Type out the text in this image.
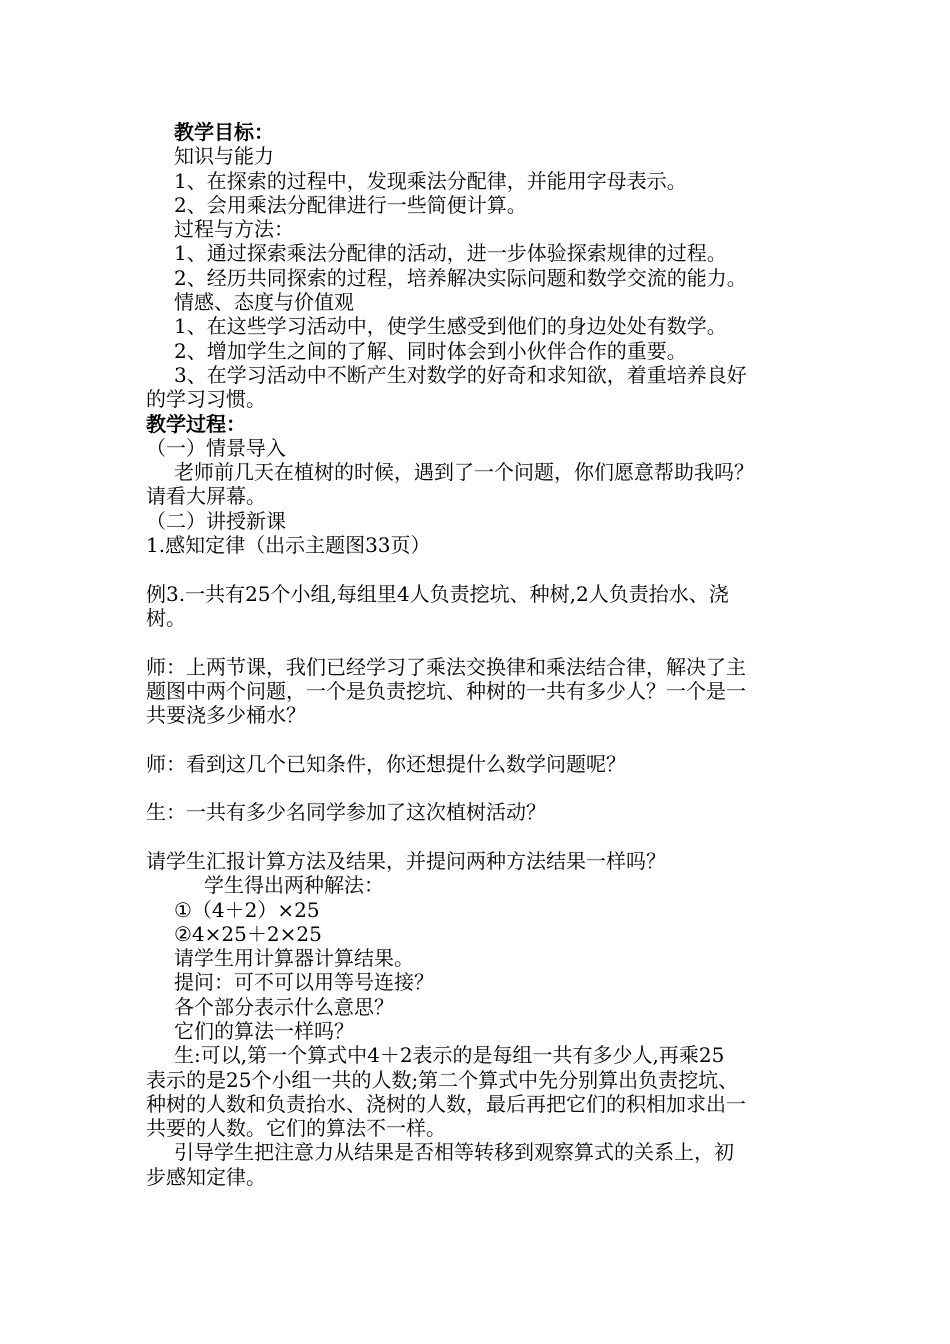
教学目标：

知识与能力

1、在探索的过程中，发现乘法分配律，并能用字母表示。

2、会用乘法分配律进行一些简便计算。

过程与方法：

1、通过探索乘法分配律的活动，进一步体验探索规律的过程。

2、经历共同探索的过程，培养解决实际问题和数学交流的能力。

情感、态度与价值观

1、在这些学习活动中，使学生感受到他们的身边处处有数学。

2、增加学生之间的了解、同时体会到小伙伴合作的重要。

3、在学习活动中不断产生对数学的好奇和求知欲，着重培养良好

的学习习惯。

教学过程：

（一）情景导入

老师前几天在植树的时候，遇到了一个问题，你们愿意帮助我吗？

请看大屏幕。

（二）讲授新课

1.感知定律（出示主题图33页）

例3.一共有25个小组,每组里4人负责挖坑、种树,2人负责抬水、浇

树。

师：上两节课，我们已经学习了乘法交换律和乘法结合律，解决了主

题图中两个问题，一个是负责挖坑、种树的一共有多少人？一个是一

共要浇多少桶水？

师：看到这几个已知条件，你还想提什么数学问题呢？

生：一共有多少名同学参加了这次植树活动？

请学生汇报计算方法及结果，并提问两种方法结果一样吗？

学生得出两种解法：

①（4＋2）×25

②4×25＋2×25

请学生用计算器计算结果。

提问：可不可以用等号连接？

各个部分表示什么意思？

它们的算法一样吗？

生:可以,第一个算式中4＋2表示的是每组一共有多少人,再乘25

表示的是25个小组一共的人数;第二个算式中先分别算出负责挖坑、

种树的人数和负责抬水、浇树的人数，最后再把它们的积相加求出一

共要的人数。它们的算法不一样。

引导学生把注意力从结果是否相等转移到观察算式的关系上，初

步感知定律。
